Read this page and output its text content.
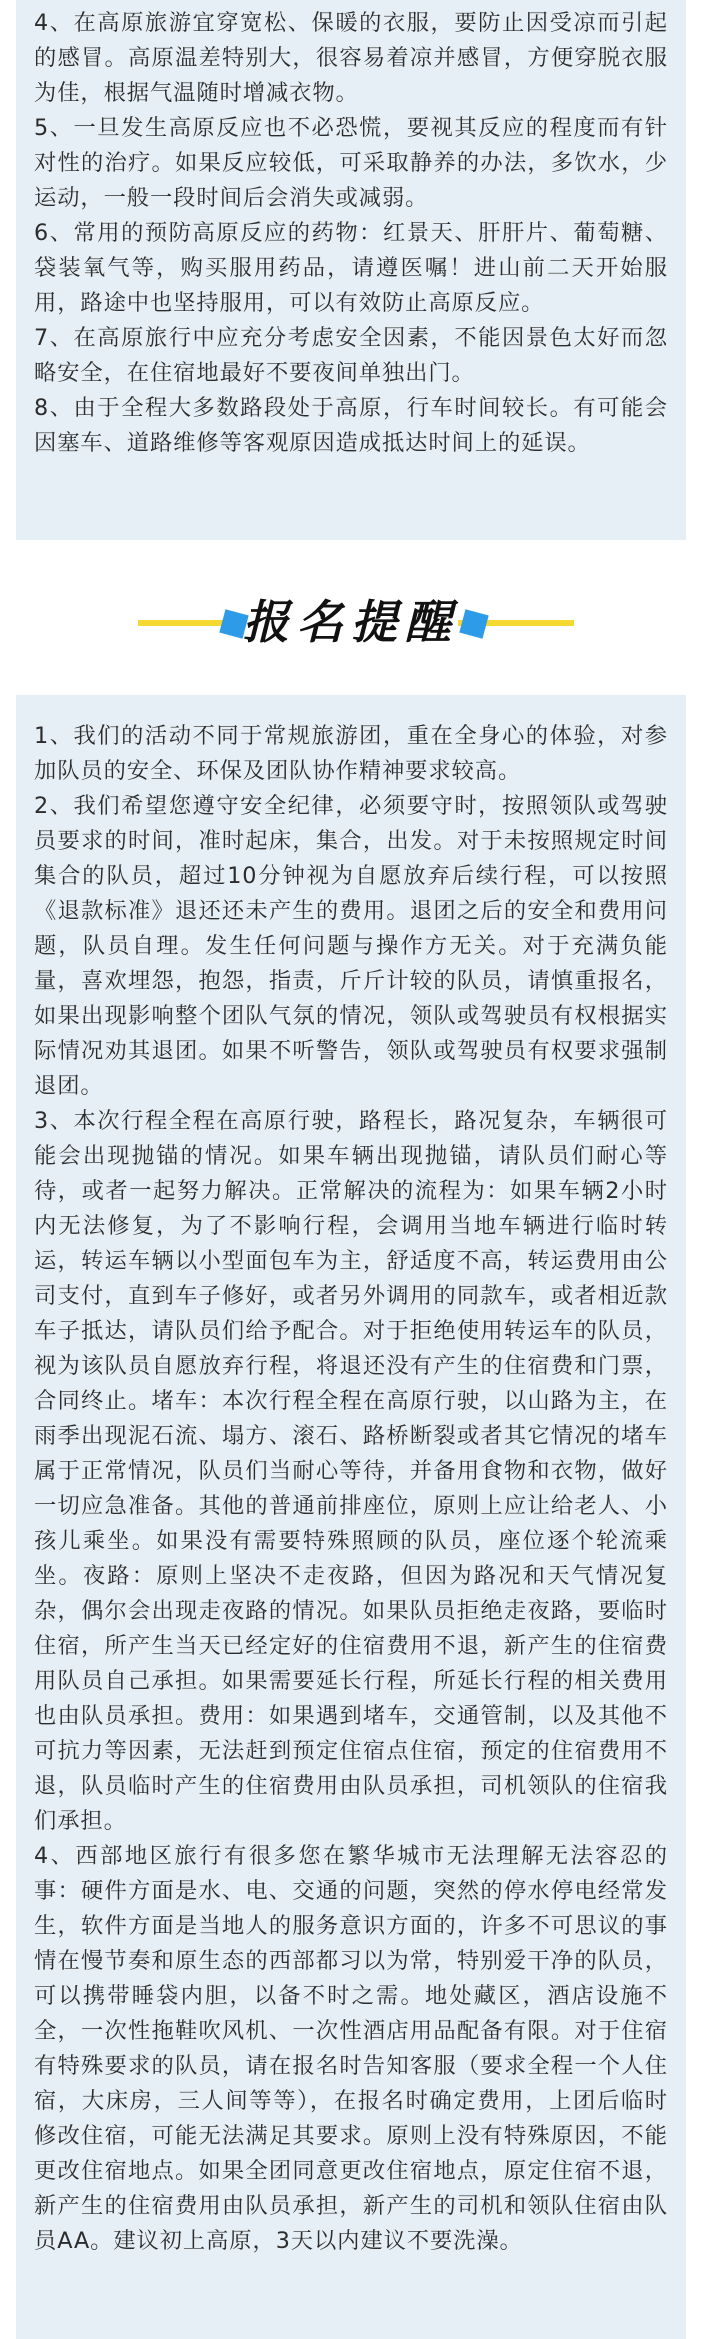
4、在高原旅游宜穿宽松、保暖的衣服，要防止因受凉而引起的感冒。高原温差特别大，很容易着凉并感冒，方便穿脱衣服为佳，根据气温随时增减衣物。

5、一旦发生高原反应也不必恐慌，要视其反应的程度而有针对性的治疗。如果反应较低，可采取静养的办法，多饮水，少运动，一般一段时间后会消失或减弱。

6、常用的预防高原反应的药物：红景天、肝肝片、葡萄糖、袋装氧气等，购买服用药品，请遵医嘱！进山前二天开始服用，路途中也坚持服用，可以有效防止高原反应。

7、在高原旅行中应充分考虑安全因素，不能因景色太好而忽略安全，在住宿地最好不要夜间单独出门。

8、由于全程大多数路段处于高原，行车时间较长。有可能会因塞车、道路维修等客观原因造成抵达时间上的延误。

报名提醒

1、我们的活动不同于常规旅游团，重在全身心的体验，对参加队员的安全、环保及团队协作精神要求较高。

2、我们希望您遵守安全纪律，必须要守时，按照领队或驾驶员要求的时间，准时起床，集合，出发。对于未按照规定时间集合的队员，超过10分钟视为自愿放弃后续行程，可以按照《退款标准》退还还未产生的费用。退团之后的安全和费用问题，队员自理。发生任何问题与操作方无关。对于充满负能量，喜欢埋怨，抱怨，指责，斤斤计较的队员，请慎重报名，如果出现影响整个团队气氛的情况，领队或驾驶员有权根据实际情况劝其退团。如果不听警告，领队或驾驶员有权要求强制退团。

3、本次行程全程在高原行驶，路程长，路况复杂，车辆很可能会出现抛锚的情况。如果车辆出现抛锚，请队员们耐心等待，或者一起努力解决。正常解决的流程为：如果车辆2小时内无法修复，为了不影响行程，会调用当地车辆进行临时转运，转运车辆以小型面包车为主，舒适度不高，转运费用由公司支付，直到车子修好，或者另外调用的同款车，或者相近款车子抵达，请队员们给予配合。对于拒绝使用转运车的队员，视为该队员自愿放弃行程，将退还没有产生的住宿费和门票，合同终止。堵车：本次行程全程在高原行驶，以山路为主，在雨季出现泥石流、塌方、滚石、路桥断裂或者其它情况的堵车属于正常情况，队员们当耐心等待，并备用食物和衣物，做好一切应急准备。其他的普通前排座位，原则上应让给老人、小孩儿乘坐。如果没有需要特殊照顾的队员，座位逐个轮流乘坐。夜路：原则上坚决不走夜路，但因为路况和天气情况复杂，偶尔会出现走夜路的情况。如果队员拒绝走夜路，要临时住宿，所产生当天已经定好的住宿费用不退，新产生的住宿费用队员自己承担。如果需要延长行程，所延长行程的相关费用也由队员承担。费用：如果遇到堵车，交通管制，以及其他不可抗力等因素，无法赶到预定住宿点住宿，预定的住宿费用不退，队员临时产生的住宿费用由队员承担，司机领队的住宿我们承担。

4、西部地区旅行有很多您在繁华城市无法理解无法容忍的事：硬件方面是水、电、交通的问题，突然的停水停电经常发生，软件方面是当地人的服务意识方面的，许多不可思议的事情在慢节奏和原生态的西部都习以为常，特别爱干净的队员，可以携带睡袋内胆，以备不时之需。地处藏区，酒店设施不全，一次性拖鞋吹风机、一次性酒店用品配备有限。对于住宿有特殊要求的队员，请在报名时告知客服（要求全程一个人住宿，大床房，三人间等等），在报名时确定费用，上团后临时修改住宿，可能无法满足其要求。原则上没有特殊原因，不能更改住宿地点。如果全团同意更改住宿地点，原定住宿不退，新产生的住宿费用由队员承担，新产生的司机和领队住宿由队员AA。建议初上高原，3天以内建议不要洗澡。
